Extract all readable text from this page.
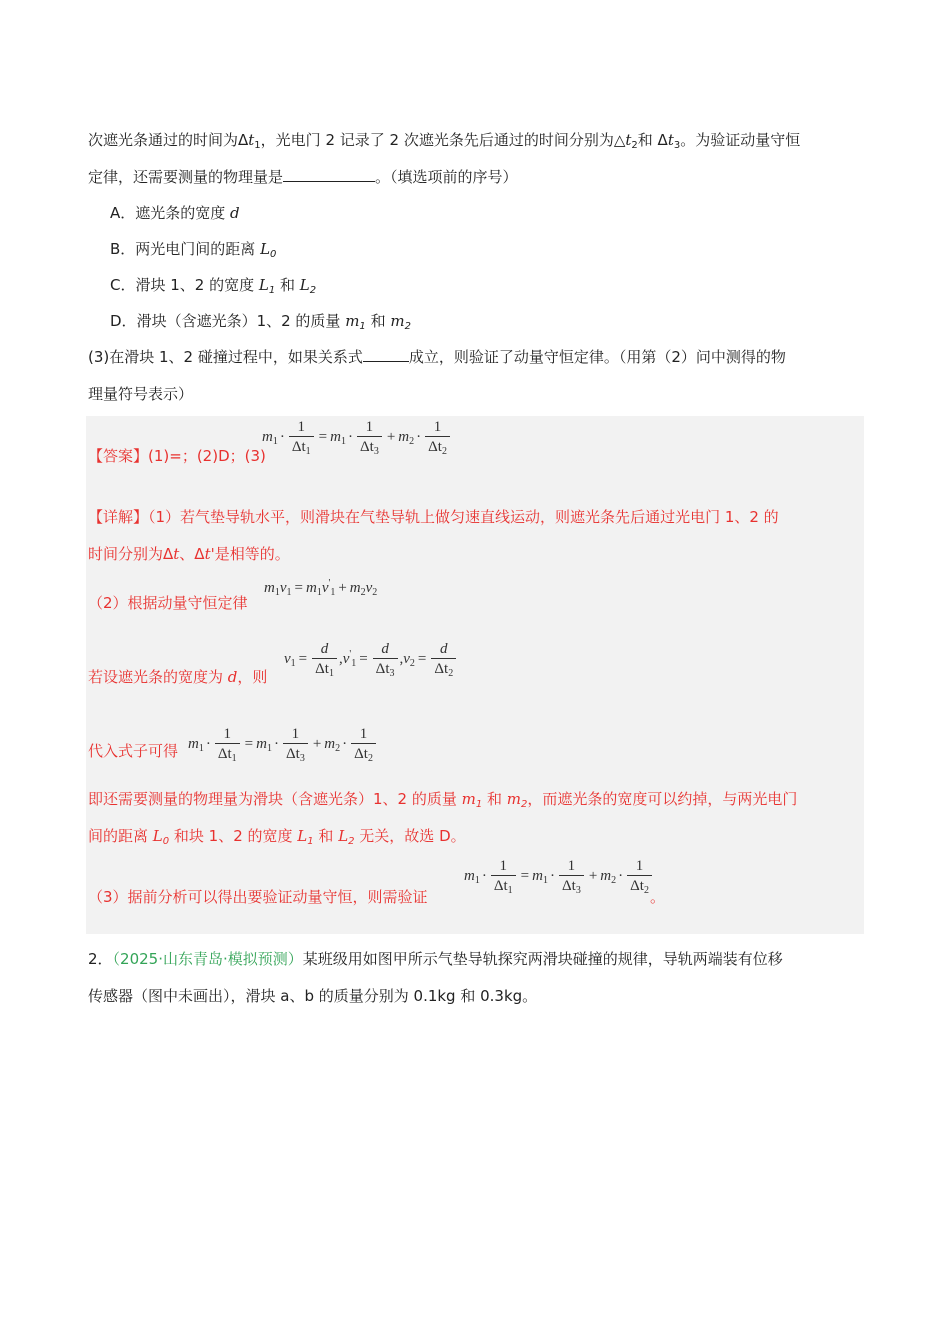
次遮光条通过的时间为$\Delta t_1$，光电门 2 记录了 2 次遮光条先后通过的时间分别为$\triangle t_2$和 $\Delta t_3$。为验证动量守恒
定律，还需要测量的物理量是	。（填选项前的序号）
A．遮光条的宽度 d
B．两光电门间的距离 $L_0$
C．滑块 1、2 的宽度 $L_1$ 和 $L_2$
D．滑块（含遮光条）1、2 的质量 $m_1$ 和 $m_2$
(3)在滑块 1、2 碰撞过程中，如果关系式	成立，则验证了动量守恒定律。（用第（2）问中测得的物
理量符号表示）
【答案】(1)=；(2)D；(3)
$m_1 \cdot \frac{1}{\Delta t_1} = m_1 \cdot \frac{1}{\Delta t_3} + m_2 \cdot \frac{1}{\Delta t_2}$
【详解】（1）若气垫导轨水平，则滑块在气垫导轨上做匀速直线运动，则遮光条先后通过光电门 1、2 的
时间分别为Δt、Δt'是相等的。
（2）根据动量守恒定律
$m_1v_1 = m_1v'_1 + m_2v_2$
若设遮光条的宽度为 d，则
$v_1 = \frac{d}{\Delta t_1} ,v'_1 = \frac{d}{\Delta t_3} ,v_2 = \frac{d}{\Delta t_2}$
代入式子可得 $m_1 \cdot \frac{1}{\Delta t_1} = m_1 \cdot \frac{1}{\Delta t_3} + m_2 \cdot \frac{1}{\Delta t_2}$
即还需要测量的物理量为滑块（含遮光条）1、2 的质量 $m_1$ 和 $m_2$，而遮光条的宽度可以约掉，与两光电门
间的距离 $L_0$ 和块 1、2 的宽度 $L_1$ 和 $L_2$ 无关，故选 D。
（3）据前分析可以得出要验证动量守恒，则需验证
$m_1 \cdot \frac{1}{\Delta t_1} = m_1 \cdot \frac{1}{\Delta t_3} + m_2 \cdot \frac{1}{\Delta t_2}$
。
2．（2025·山东青岛·模拟预测）某班级用如图甲所示气垫导轨探究两滑块碰撞的规律，导轨两端装有位移
传感器（图中未画出），滑块 a、b 的质量分别为 0.1kg 和 0.3kg。
